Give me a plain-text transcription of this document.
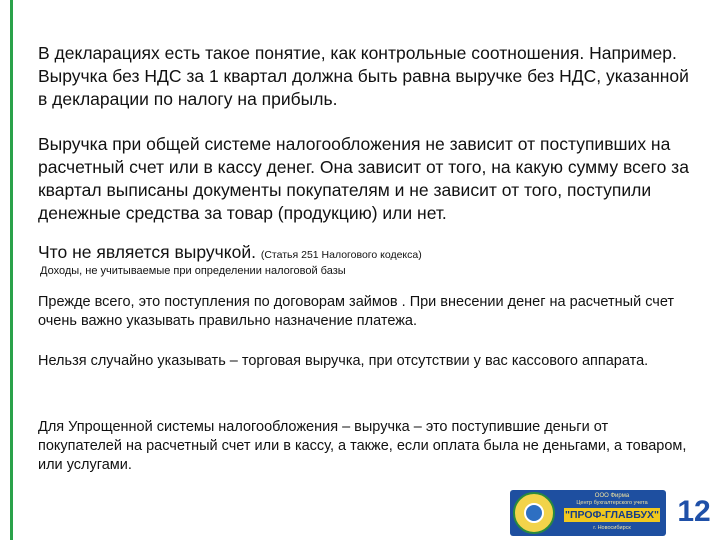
В декларациях есть такое понятие, как контрольные соотношения. Например. Выручка без НДС за 1 квартал должна быть равна выручке без НДС, указанной в декларации по налогу на прибыль.

Выручка при общей системе налогообложения не зависит от поступивших на расчетный счет или в кассу денег. Она зависит от того, на какую сумму всего за квартал выписаны документы покупателям и не зависит от того, поступили денежные средства за товар (продукцию) или нет.

Что не является выручкой. (Статья 251 Налогового кодекса)

Доходы, не учитываемые при определении налоговой базы

Прежде всего, это поступления по договорам займов . При внесении денег на расчетный счет очень важно указывать правильно назначение платежа.

Нельзя случайно указывать – торговая выручка, при отсутствии у вас кассового аппарата.

Для Упрощенной системы налогообложения – выручка – это поступившие деньги от покупателей на расчетный счет или в кассу, а также, если оплата была не деньгами, а товаром, или услугами.

ООО Фирма
Центр бухгалтерского учета
"ПРОФ-ГЛАВБУХ"
г. Новосибирск	12
